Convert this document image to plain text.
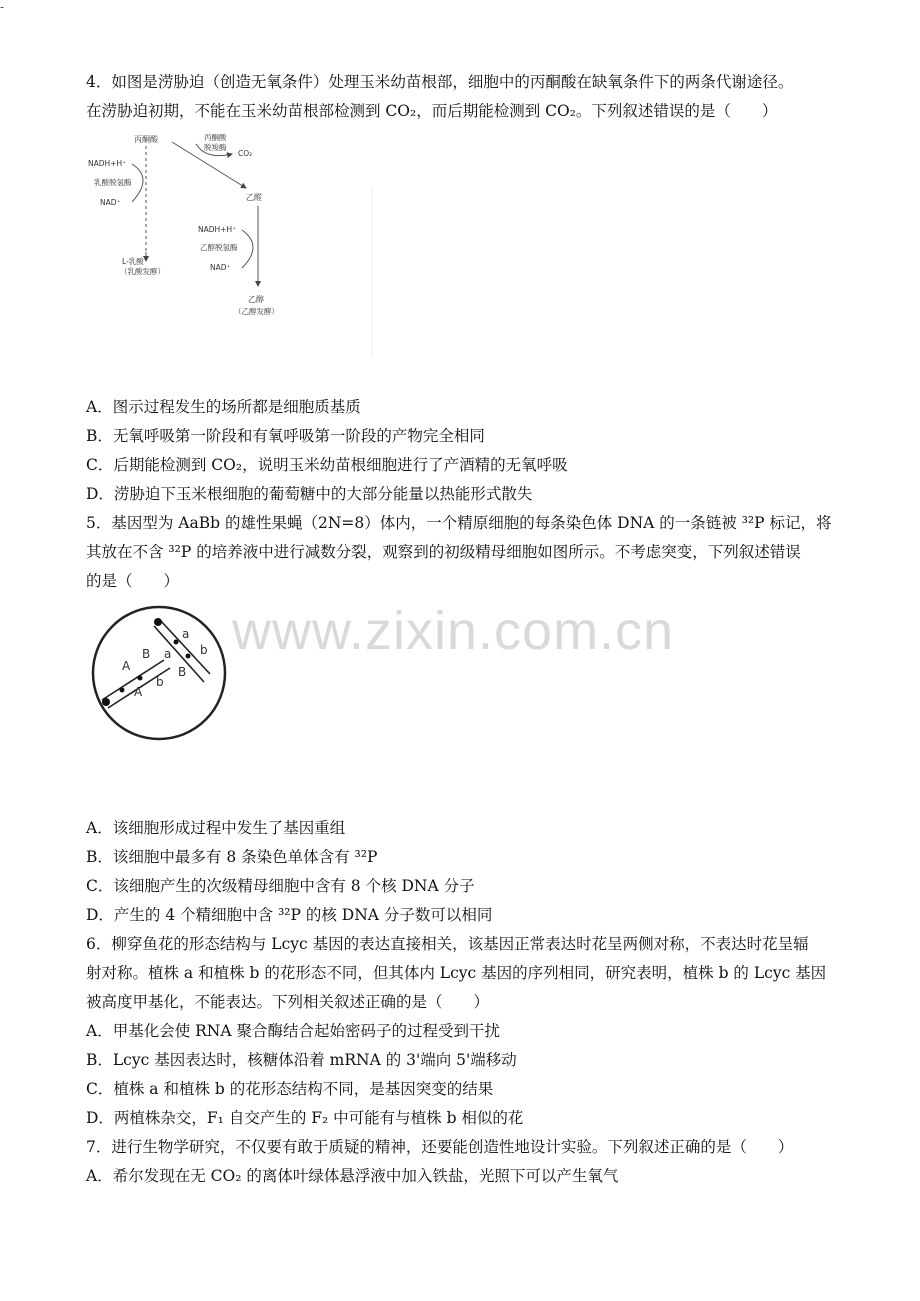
-
4．如图是涝胁迫（创造无氧条件）处理玉米幼苗根部，细胞中的丙酮酸在缺氧条件下的两条代谢途径。
在涝胁迫初期，不能在玉米幼苗根部检测到 CO₂，而后期能检测到 CO₂。下列叙述错误的是（　　）
丙酮酸
NADH+H⁺
乳酸脱氢酶
NAD⁺
L-乳酸
（乳酸发酵）
丙酮酸
脱羧酶
CO₂
乙醛
NADH+H⁺
乙醇脱氢酶
NAD⁺
乙醇
（乙醇发酵）
A．图示过程发生的场所都是细胞质基质
B．无氧呼吸第一阶段和有氧呼吸第一阶段的产物完全相同
C．后期能检测到 CO₂，说明玉米幼苗根细胞进行了产酒精的无氧呼吸
D．涝胁迫下玉米根细胞的葡萄糖中的大部分能量以热能形式散失
5．基因型为 AaBb 的雄性果蝇（2N=8）体内，一个精原细胞的每条染色体 DNA 的一条链被 ³²P 标记，将
其放在不含 ³²P 的培养液中进行减数分裂，观察到的初级精母细胞如图所示。不考虑突变，下列叙述错误
的是（　　）
www.zixin.com.cn
A
B a
A
b
a
b
B
A．该细胞形成过程中发生了基因重组
B．该细胞中最多有 8 条染色单体含有 ³²P
C．该细胞产生的次级精母细胞中含有 8 个核 DNA 分子
D．产生的 4 个精细胞中含 ³²P 的核 DNA 分子数可以相同
6．柳穿鱼花的形态结构与 Lcyc 基因的表达直接相关，该基因正常表达时花呈两侧对称，不表达时花呈辐
射对称。植株 a 和植株 b 的花形态不同，但其体内 Lcyc 基因的序列相同，研究表明，植株 b 的 Lcyc 基因
被高度甲基化，不能表达。下列相关叙述正确的是（　　）
A．甲基化会使 RNA 聚合酶结合起始密码子的过程受到干扰
B．Lcyc 基因表达时，核糖体沿着 mRNA 的 3'端向 5'端移动
C．植株 a 和植株 b 的花形态结构不同，是基因突变的结果
D．两植株杂交，F₁ 自交产生的 F₂ 中可能有与植株 b 相似的花
7．进行生物学研究，不仅要有敢于质疑的精神，还要能创造性地设计实验。下列叙述正确的是（　　）
A．希尔发现在无 CO₂ 的离体叶绿体悬浮液中加入铁盐，光照下可以产生氧气
